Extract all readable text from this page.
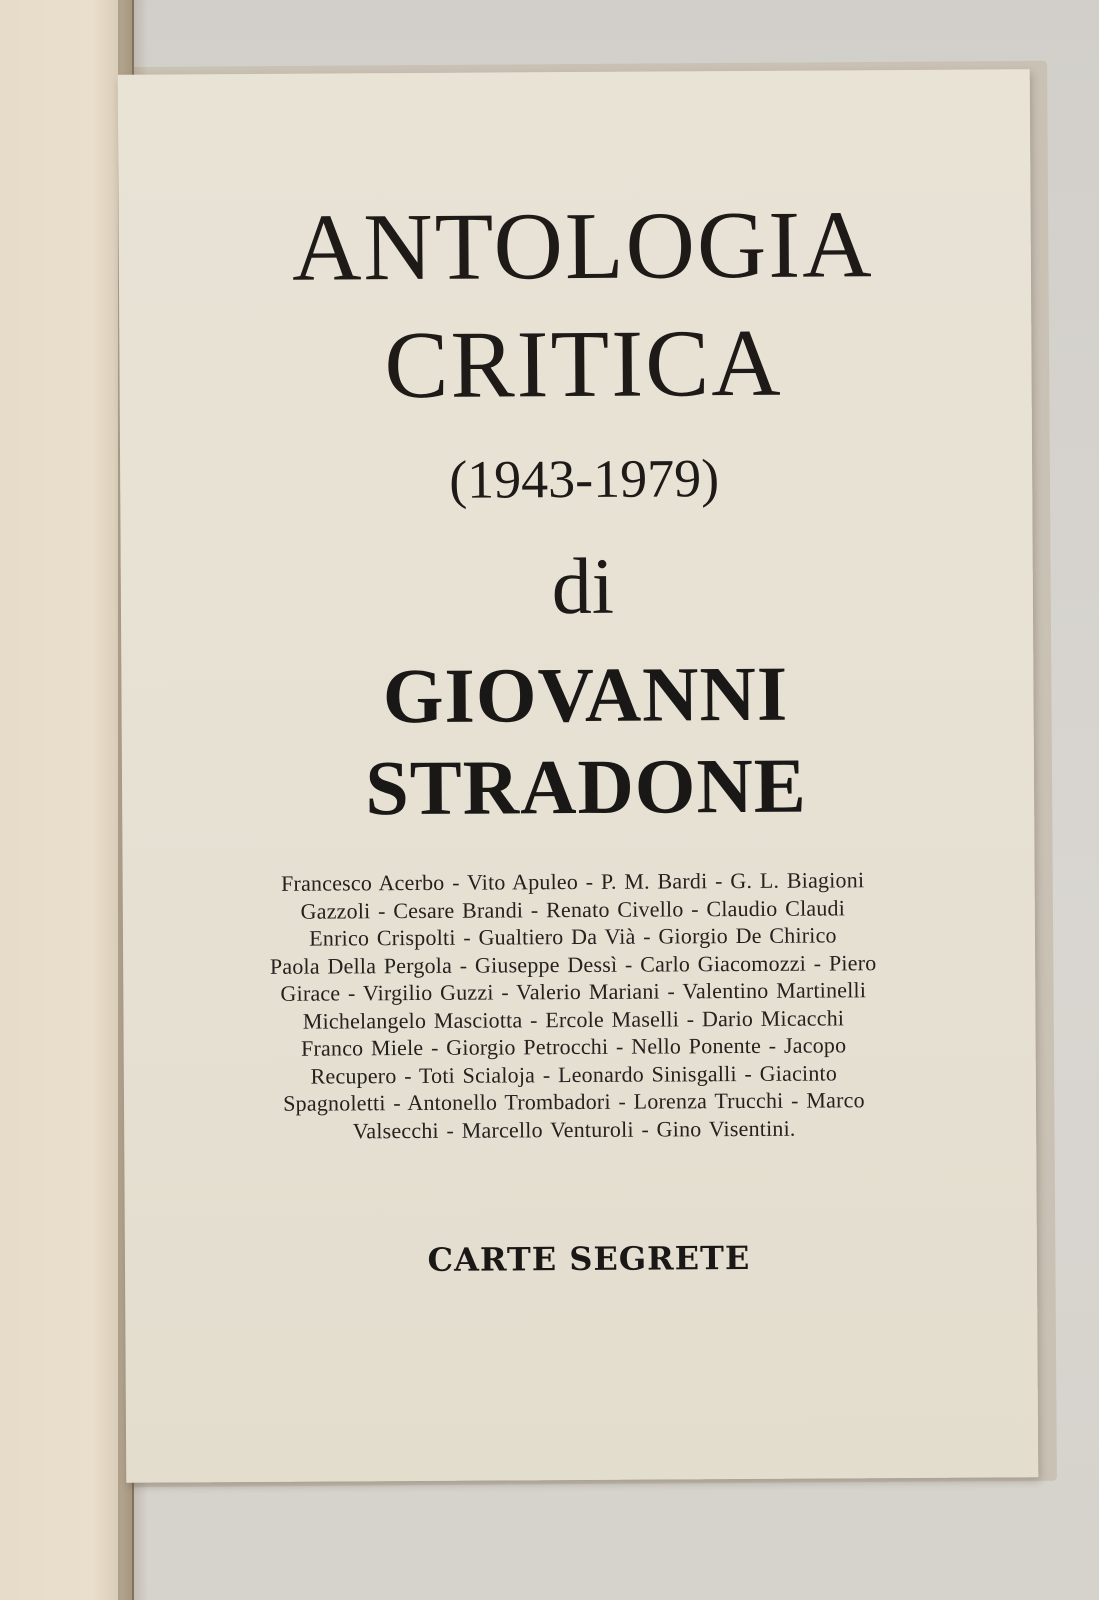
ANTOLOGIA
CRITICA
(1943-1979)
di
GIOVANNI
STRADONE
Francesco Acerbo - Vito Apuleo - P. M. Bardi - G. L. Biagioni
Gazzoli - Cesare Brandi - Renato Civello - Claudio Claudi
Enrico Crispolti - Gualtiero Da Vià - Giorgio De Chirico
Paola Della Pergola - Giuseppe Dessì - Carlo Giacomozzi - Piero
Girace - Virgilio Guzzi - Valerio Mariani - Valentino Martinelli
Michelangelo Masciotta - Ercole Maselli - Dario Micacchi
Franco Miele - Giorgio Petrocchi - Nello Ponente - Jacopo
Recupero - Toti Scialoja - Leonardo Sinisgalli - Giacinto
Spagnoletti - Antonello Trombadori - Lorenza Trucchi - Marco
Valsecchi - Marcello Venturoli - Gino Visentini.
CARTE SEGRETE
